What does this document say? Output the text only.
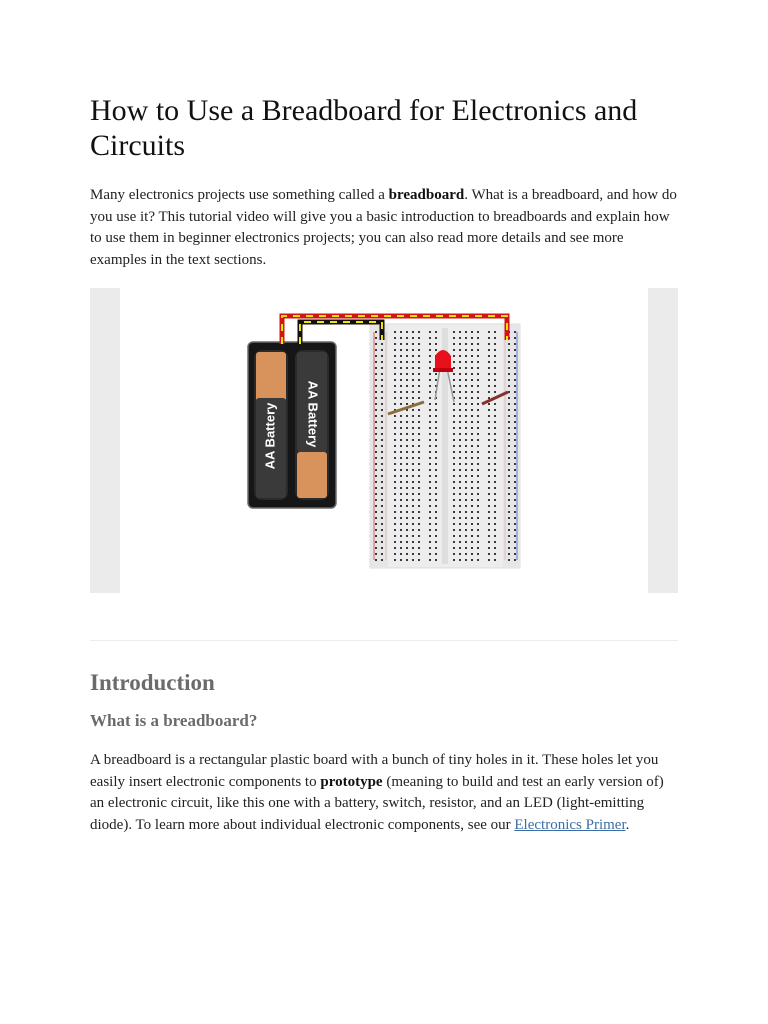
How to Use a Breadboard for Electronics and Circuits

Many electronics projects use something called a breadboard. What is a breadboard, and how do you use it? This tutorial video will give you a basic introduction to breadboards and explain how to use them in beginner electronics projects; you can also read more details and see more examples in the text sections.

AA Battery AA Battery
Introduction
What is a breadboard?

A breadboard is a rectangular plastic board with a bunch of tiny holes in it. These holes let you easily insert electronic components to prototype (meaning to build and test an early version of) an electronic circuit, like this one with a battery, switch, resistor, and an LED (light-emitting diode). To learn more about individual electronic components, see our Electronics Primer.
